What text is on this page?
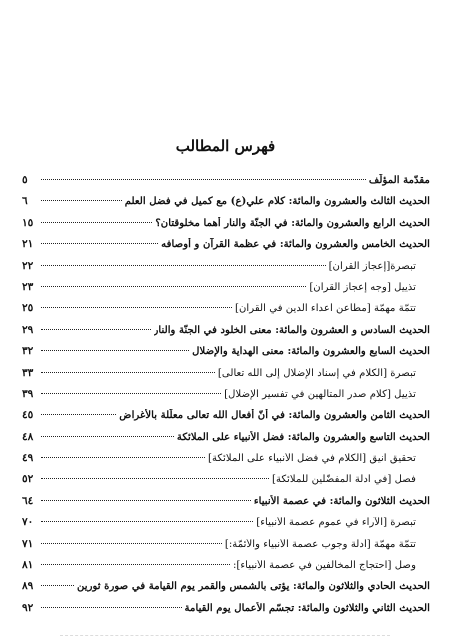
فهرس المطالب
مقدّمة المؤلّف
٥
الحديث الثالث والعشرون والمائة: كلام علي(ع) مع كميل في فضل العلم
٦
الحديث الرابع والعشرون والمائة: في الجنّة والنار أهما مخلوقتان؟
١٥
الحديث الخامس والعشرون والمائة: في عظمة القرآن و أوصافه
٢١
تبصرة[إعجاز القرآن]
٢٢
تذييل [وجه إعجاز القرآن]
٢٣
تتمّة مهمّة [مطاعن أعداء الدين في القرآن]
٢٥
الحديث السادس و العشرون والمائة: معنى الخلود في الجنّة والنار
٢٩
الحديث السابع والعشرون والمائة: معنى الهداية والإضلال
٣٢
تبصرة [الكلام في إسناد الإضلال إلى الله تعالى]
٣٣
تذييل [كلام صدر المتألّهين في تفسير الإضلال]
٣٩
الحديث الثامن والعشرون والمائة: في أنّ أفعال الله تعالى معلّلة بالأغراض
٤٥
الحديث التاسع والعشرون والمائة: فضل الأنبياء على الملائكة
٤٨
تحقيق أنيق [الكلام في فضل الأنبياء على الملائكة]
٤٩
فصل [في أدلّة المفضّلين للملائكة]
٥٢
الحديث الثلاثون والمائة: في عصمة الأنبياء
٦٤
تبصرة [الآراء في عموم عصمة الأنبياء]
٧٠
تتمّة مهمّة [أدلّة وجوب عصمة الأنبياء والأئمّة:]
٧١
وصل [احتجاج المخالفين في عصمة الأنبياء]:
٨١
الحديث الحادي والثلاثون والمائة: يؤتى بالشمس والقمر يوم القيامة في صورة ثورين
٨٩
الحديث الثاني والثلاثون والمائة: تجسّم الأعمال يوم القيامة
٩٢
